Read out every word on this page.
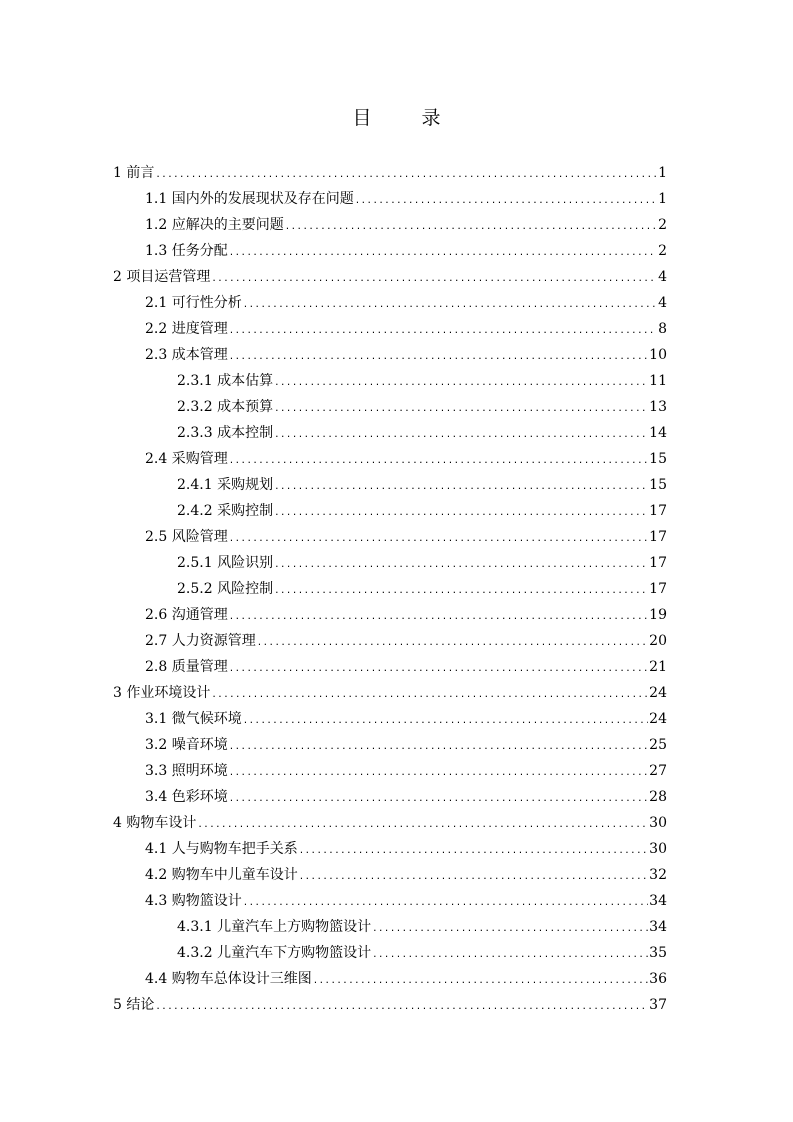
目 录
1 前言 .....	1
1.1 国内外的发展现状及存在问题 .....	1
1.2 应解决的主要问题 .....	2
1.3 任务分配 .....	2
2 项目运营管理 .....	4
2.1 可行性分析 .....	4
2.2 进度管理 .....	8
2.3 成本管理 .....	10
2.3.1 成本估算 .....	11
2.3.2 成本预算 .....	13
2.3.3 成本控制 .....	14
2.4 采购管理 .....	15
2.4.1 采购规划 .....	15
2.4.2 采购控制 .....	17
2.5 风险管理 .....	17
2.5.1 风险识别 .....	17
2.5.2 风险控制 .....	17
2.6 沟通管理 .....	19
2.7 人力资源管理 .....	20
2.8 质量管理 .....	21
3 作业环境设计 .....	24
3.1 微气候环境 .....	24
3.2 噪音环境 .....	25
3.3 照明环境 .....	27
3.4 色彩环境 .....	28
4 购物车设计 .....	30
4.1 人与购物车把手关系 .....	30
4.2 购物车中儿童车设计 .....	32
4.3 购物篮设计 .....	34
4.3.1 儿童汽车上方购物篮设计 .....	34
4.3.2 儿童汽车下方购物篮设计 .....	35
4.4 购物车总体设计三维图 .....	36
5 结论 .....	37
